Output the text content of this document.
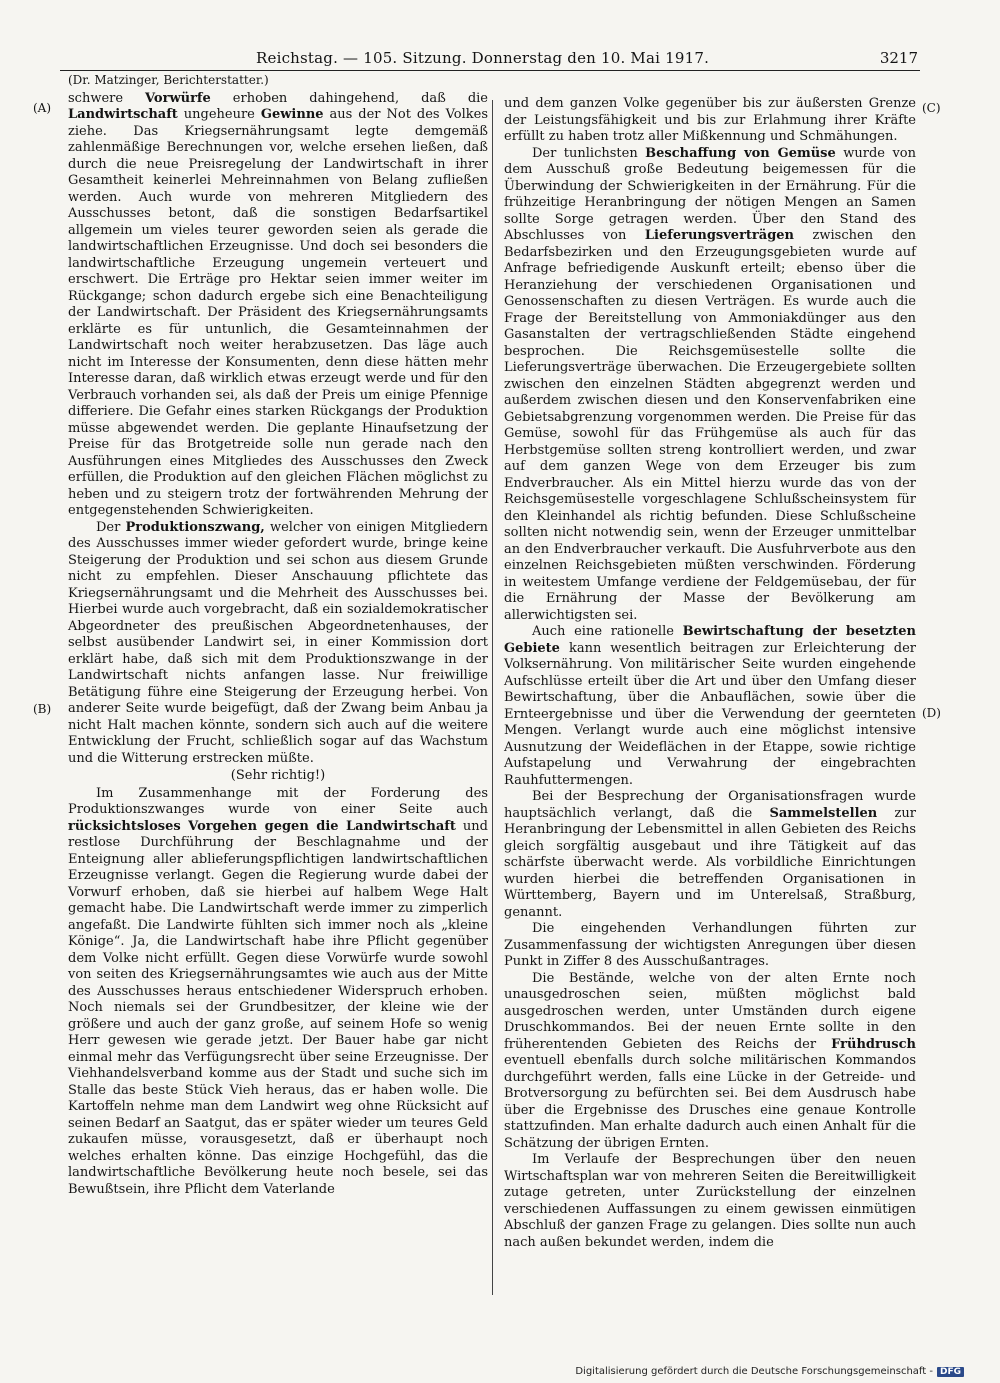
Reichstag. — 105. Sitzung. Donnerstag den 10. Mai 1917.	3217
(A)
(B)
(C)
(D)
(Dr. Matzinger, Berichterstatter.)

schwere Vorwürfe erhoben dahingehend, daß die Landwirtschaft ungeheure Gewinne aus der Not des Volkes ziehe. Das Kriegsernährungsamt legte demgemäß zahlenmäßige Berechnungen vor, welche ersehen ließen, daß durch die neue Preisregelung der Landwirtschaft in ihrer Gesamtheit keinerlei Mehreinnahmen von Belang zufließen werden. Auch wurde von mehreren Mitgliedern des Ausschusses betont, daß die sonstigen Bedarfsartikel allgemein um vieles teurer geworden seien als gerade die landwirtschaftlichen Erzeugnisse. Und doch sei besonders die landwirtschaftliche Erzeugung ungemein verteuert und erschwert. Die Erträge pro Hektar seien immer weiter im Rückgange; schon dadurch ergebe sich eine Benachteiligung der Landwirtschaft. Der Präsident des Kriegsernährungsamts erklärte es für untunlich, die Gesamteinnahmen der Landwirtschaft noch weiter herabzusetzen. Das läge auch nicht im Interesse der Konsumenten, denn diese hätten mehr Interesse daran, daß wirklich etwas erzeugt werde und für den Verbrauch vorhanden sei, als daß der Preis um einige Pfennige differiere. Die Gefahr eines starken Rückgangs der Produktion müsse abgewendet werden. Die geplante Hinaufsetzung der Preise für das Brotgetreide solle nun gerade nach den Ausführungen eines Mitgliedes des Ausschusses den Zweck erfüllen, die Produktion auf den gleichen Flächen möglichst zu heben und zu steigern trotz der fortwährenden Mehrung der entgegenstehenden Schwierigkeiten.

Der Produktionszwang, welcher von einigen Mitgliedern des Ausschusses immer wieder gefordert wurde, bringe keine Steigerung der Produktion und sei schon aus diesem Grunde nicht zu empfehlen. Dieser Anschauung pflichtete das Kriegsernährungsamt und die Mehrheit des Ausschusses bei. Hierbei wurde auch vorgebracht, daß ein sozialdemokratischer Abgeordneter des preußischen Abgeordnetenhauses, der selbst ausübender Landwirt sei, in einer Kommission dort erklärt habe, daß sich mit dem Produktionszwange in der Landwirtschaft nichts anfangen lasse. Nur freiwillige Betätigung führe eine Steigerung der Erzeugung herbei. Von anderer Seite wurde beigefügt, daß der Zwang beim Anbau ja nicht Halt machen könnte, sondern sich auch auf die weitere Entwicklung der Frucht, schließlich sogar auf das Wachstum und die Witterung erstrecken müßte.

(Sehr richtig!)

Im Zusammenhange mit der Forderung des Produktionszwanges wurde von einer Seite auch rücksichtsloses Vorgehen gegen die Landwirtschaft und restlose Durchführung der Beschlagnahme und der Enteignung aller ablieferungspflichtigen landwirtschaftlichen Erzeugnisse verlangt. Gegen die Regierung wurde dabei der Vorwurf erhoben, daß sie hierbei auf halbem Wege Halt gemacht habe. Die Landwirtschaft werde immer zu zimperlich angefaßt. Die Landwirte fühlten sich immer noch als „kleine Könige“. Ja, die Landwirtschaft habe ihre Pflicht gegenüber dem Volke nicht erfüllt. Gegen diese Vorwürfe wurde sowohl von seiten des Kriegsernährungsamtes wie auch aus der Mitte des Ausschusses heraus entschiedener Widerspruch erhoben. Noch niemals sei der Grundbesitzer, der kleine wie der größere und auch der ganz große, auf seinem Hofe so wenig Herr gewesen wie gerade jetzt. Der Bauer habe gar nicht einmal mehr das Verfügungsrecht über seine Erzeugnisse. Der Viehhandelsverband komme aus der Stadt und suche sich im Stalle das beste Stück Vieh heraus, das er haben wolle. Die Kartoffeln nehme man dem Landwirt weg ohne Rücksicht auf seinen Bedarf an Saatgut, das er später wieder um teures Geld zukaufen müsse, vorausgesetzt, daß er überhaupt noch welches erhalten könne. Das einzige Hochgefühl, das die landwirtschaftliche Bevölkerung heute noch besele, sei das Bewußtsein, ihre Pflicht dem Vaterlande

und dem ganzen Volke gegenüber bis zur äußersten Grenze der Leistungsfähigkeit und bis zur Erlahmung ihrer Kräfte erfüllt zu haben trotz aller Mißkennung und Schmähungen.

Der tunlichsten Beschaffung von Gemüse wurde von dem Ausschuß große Bedeutung beigemessen für die Überwindung der Schwierigkeiten in der Ernährung. Für die frühzeitige Heranbringung der nötigen Mengen an Samen sollte Sorge getragen werden. Über den Stand des Abschlusses von Lieferungsverträgen zwischen den Bedarfsbezirken und den Erzeugungsgebieten wurde auf Anfrage befriedigende Auskunft erteilt; ebenso über die Heranziehung der verschiedenen Organisationen und Genossenschaften zu diesen Verträgen. Es wurde auch die Frage der Bereitstellung von Ammoniakdünger aus den Gasanstalten der vertragschließenden Städte eingehend besprochen. Die Reichsgemüsestelle sollte die Lieferungsverträge überwachen. Die Erzeugergebiete sollten zwischen den einzelnen Städten abgegrenzt werden und außerdem zwischen diesen und den Konservenfabriken eine Gebietsabgrenzung vorgenommen werden. Die Preise für das Gemüse, sowohl für das Frühgemüse als auch für das Herbstgemüse sollten streng kontrolliert werden, und zwar auf dem ganzen Wege von dem Erzeuger bis zum Endverbraucher. Als ein Mittel hierzu wurde das von der Reichsgemüsestelle vorgeschlagene Schlußscheinsystem für den Kleinhandel als richtig befunden. Diese Schlußscheine sollten nicht notwendig sein, wenn der Erzeuger unmittelbar an den Endverbraucher verkauft. Die Ausfuhrverbote aus den einzelnen Reichsgebieten müßten verschwinden. Förderung in weitestem Umfange verdiene der Feldgemüsebau, der für die Ernährung der Masse der Bevölkerung am allerwichtigsten sei.

Auch eine rationelle Bewirtschaftung der besetzten Gebiete kann wesentlich beitragen zur Erleichterung der Volksernährung. Von militärischer Seite wurden eingehende Aufschlüsse erteilt über die Art und über den Umfang dieser Bewirtschaftung, über die Anbauflächen, sowie über die Ernteergebnisse und über die Verwendung der geernteten Mengen. Verlangt wurde auch eine möglichst intensive Ausnutzung der Weideflächen in der Etappe, sowie richtige Aufstapelung und Verwahrung der eingebrachten Rauhfuttermengen.

Bei der Besprechung der Organisationsfragen wurde hauptsächlich verlangt, daß die Sammelstellen zur Heranbringung der Lebensmittel in allen Gebieten des Reichs gleich sorgfältig ausgebaut und ihre Tätigkeit auf das schärfste überwacht werde. Als vorbildliche Einrichtungen wurden hierbei die betreffenden Organisationen in Württemberg, Bayern und im Unterelsaß, Straßburg, genannt.

Die eingehenden Verhandlungen führten zur Zusammenfassung der wichtigsten Anregungen über diesen Punkt in Ziffer 8 des Ausschußantrages.

Die Bestände, welche von der alten Ernte noch unausgedroschen seien, müßten möglichst bald ausgedroschen werden, unter Umständen durch eigene Druschkommandos. Bei der neuen Ernte sollte in den früherentenden Gebieten des Reichs der Frühdrusch eventuell ebenfalls durch solche militärischen Kommandos durchgeführt werden, falls eine Lücke in der Getreide- und Brotversorgung zu befürchten sei. Bei dem Ausdrusch habe über die Ergebnisse des Drusches eine genaue Kontrolle stattzufinden. Man erhalte dadurch auch einen Anhalt für die Schätzung der übrigen Ernten.

Im Verlaufe der Besprechungen über den neuen Wirtschaftsplan war von mehreren Seiten die Bereitwilligkeit zutage getreten, unter Zurückstellung der einzelnen verschiedenen Auffassungen zu einem gewissen einmütigen Abschluß der ganzen Frage zu gelangen. Dies sollte nun auch nach außen bekundet werden, indem die

Digitalisierung gefördert durch die Deutsche Forschungsgemeinschaft - DFG
